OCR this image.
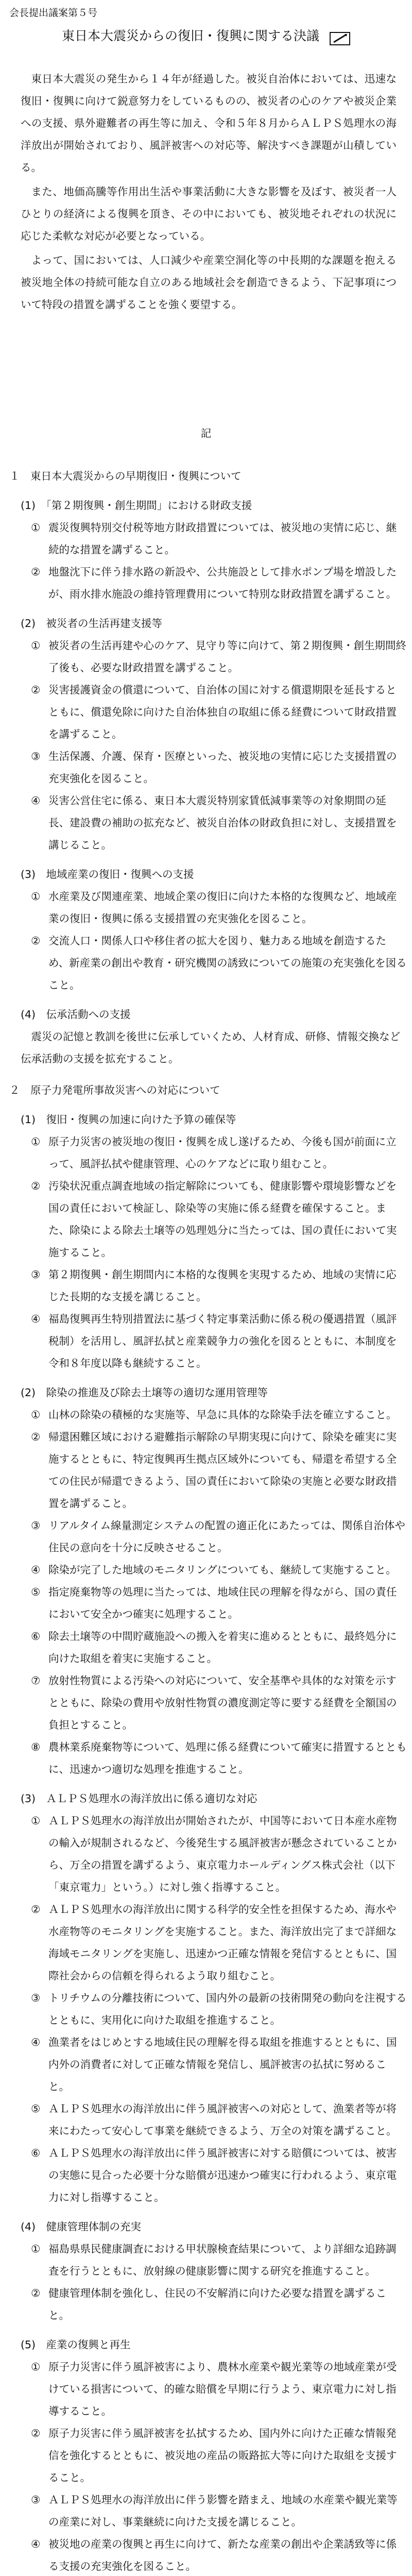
会長提出議案第５号
東日本大震災からの復旧・復興に関する決議

東日本大震災の発生から１４年が経過した。被災自治体においては、迅速な復旧・復興に向けて鋭意努力をしているものの、被災者の心のケアや被災企業への支援、県外避難者の再生等に加え、令和５年８月からＡＬＰＳ処理水の海洋放出が開始されており、風評被害への対応等、解決すべき課題が山積している。

また、地価高騰等作用出生活や事業活動に大きな影響を及ぼす、被災者一人ひとりの経済による復興を頂き、その中においても、被災地それぞれの状況に応じた柔軟な対応が必要となっている。

よって、国においては、人口減少や産業空洞化等の中長期的な課題を抱える被災地全体の持続可能な自立のある地域社会を創造できるよう、下記事項について特段の措置を講ずることを強く要望する。

記
１　東日本大震災からの早期復旧・復興について
(1)　「第２期復興・創生期間」における財政支援
① 震災復興特別交付税等地方財政措置については、被災地の実情に応じ、継続的な措置を講ずること。
② 地盤沈下に伴う排水路の新設や、公共施設として排水ポンプ場を増設したが、雨水排水施設の維持管理費用について特別な財政措置を講ずること。
(2)　被災者の生活再建支援等
① 被災者の生活再建や心のケア、見守り等に向けて、第２期復興・創生期間終了後も、必要な財政措置を講ずること。
② 災害援護資金の償還について、自治体の国に対する償還期限を延長するとともに、償還免除に向けた自治体独自の取組に係る経費について財政措置を講ずること。
③ 生活保護、介護、保育・医療といった、被災地の実情に応じた支援措置の充実強化を図ること。
④ 災害公営住宅に係る、東日本大震災特別家賃低減事業等の対象期間の延長、建設費の補助の拡充など、被災自治体の財政負担に対し、支援措置を講じること。
(3)　地域産業の復旧・復興への支援
① 水産業及び関連産業、地域企業の復旧に向けた本格的な復興など、地域産業の復旧・復興に係る支援措置の充実強化を図ること。
② 交流人口・関係人口や移住者の拡大を図り、魅力ある地域を創造するため、新産業の創出や教育・研究機関の誘致についての施策の充実強化を図ること。
(4)　伝承活動への支援
震災の記憶と教訓を後世に伝承していくため、人材育成、研修、情報交換など伝承活動の支援を拡充すること。
２　原子力発電所事故災害への対応について
(1)　復旧・復興の加速に向けた予算の確保等
① 原子力災害の被災地の復旧・復興を成し遂げるため、今後も国が前面に立って、風評払拭や健康管理、心のケアなどに取り組むこと。
② 汚染状況重点調査地域の指定解除についても、健康影響や環境影響などを国の責任において検証し、除染等の実施に係る経費を確保すること。また、除染による除去土壌等の処理処分に当たっては、国の責任において実施すること。
③ 第２期復興・創生期間内に本格的な復興を実現するため、地域の実情に応じた長期的な支援を講じること。
④ 福島復興再生特別措置法に基づく特定事業活動に係る税の優遇措置（風評税制）を活用し、風評払拭と産業競争力の強化を図るとともに、本制度を令和８年度以降も継続すること。
(2)　除染の推進及び除去土壌等の適切な運用管理等
① 山林の除染の積極的な実施等、早急に具体的な除染手法を確立すること。
② 帰還困難区域における避難指示解除の早期実現に向けて、除染を確実に実施するとともに、特定復興再生拠点区域外についても、帰還を希望する全ての住民が帰還できるよう、国の責任において除染の実施と必要な財政措置を講ずること。
③ リアルタイム線量測定システムの配置の適正化にあたっては、関係自治体や住民の意向を十分に反映させること。
④ 除染が完了した地域のモニタリングについても、継続して実施すること。
⑤ 指定廃棄物等の処理に当たっては、地域住民の理解を得ながら、国の責任において安全かつ確実に処理すること。
⑥ 除去土壌等の中間貯蔵施設への搬入を着実に進めるとともに、最終処分に向けた取組を着実に実施すること。
⑦ 放射性物質による汚染への対応について、安全基準や具体的な対策を示すとともに、除染の費用や放射性物質の濃度測定等に要する経費を全額国の負担とすること。
⑧ 農林業系廃棄物等について、処理に係る経費について確実に措置するとともに、迅速かつ適切な処理を推進すること。
(3)　ＡＬＰＳ処理水の海洋放出に係る適切な対応
① ＡＬＰＳ処理水の海洋放出が開始されたが、中国等において日本産水産物の輸入が規制されるなど、今後発生する風評被害が懸念されていることから、万全の措置を講ずるよう、東京電力ホールディングス株式会社（以下「東京電力」という。）に対し強く指導すること。
② ＡＬＰＳ処理水の海洋放出に関する科学的安全性を担保するため、海水や水産物等のモニタリングを実施すること。また、海洋放出完了まで詳細な海域モニタリングを実施し、迅速かつ正確な情報を発信するとともに、国際社会からの信頼を得られるよう取り組むこと。
③ トリチウムの分離技術について、国内外の最新の技術開発の動向を注視するとともに、実用化に向けた取組を推進すること。
④ 漁業者をはじめとする地域住民の理解を得る取組を推進するとともに、国内外の消費者に対して正確な情報を発信し、風評被害の払拭に努めること。
⑤ ＡＬＰＳ処理水の海洋放出に伴う風評被害への対応として、漁業者等が将来にわたって安心して事業を継続できるよう、万全の対策を講ずること。
⑥ ＡＬＰＳ処理水の海洋放出に伴う風評被害に対する賠償については、被害の実態に見合った必要十分な賠償が迅速かつ確実に行われるよう、東京電力に対し指導すること。
(4)　健康管理体制の充実
① 福島県県民健康調査における甲状腺検査結果について、より詳細な追跡調査を行うとともに、放射線の健康影響に関する研究を推進すること。
② 健康管理体制を強化し、住民の不安解消に向けた必要な措置を講ずること。
(5)　産業の復興と再生
① 原子力災害に伴う風評被害により、農林水産業や観光業等の地域産業が受けている損害について、的確な賠償を早期に行うよう、東京電力に対し指導すること。
② 原子力災害に伴う風評被害を払拭するため、国内外に向けた正確な情報発信を強化するとともに、被災地の産品の販路拡大等に向けた取組を支援すること。
③ ＡＬＰＳ処理水の海洋放出に伴う影響を踏まえ、地域の水産業や観光業等の産業に対し、事業継続に向けた支援を講じること。
④ 被災地の産業の復興と再生に向けて、新たな産業の創出や企業誘致等に係る支援の充実強化を図ること。
